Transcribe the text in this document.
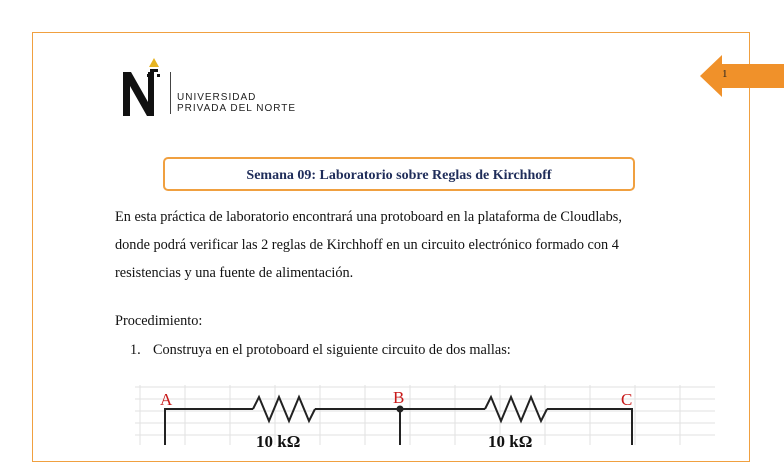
UNIVERSIDAD
PRIVADA DEL NORTE
1
Semana 09: Laboratorio sobre Reglas de Kirchhoff

En esta práctica de laboratorio encontrará una protoboard en la plataforma de Cloudlabs,
donde podrá verificar las 2 reglas de Kirchhoff en un circuito electrónico formado con 4
resistencias y una fuente de alimentación.

Procedimiento:

1. Construya en el protoboard el siguiente circuito de dos mallas:

A	B	C
10 kΩ	10 kΩ
